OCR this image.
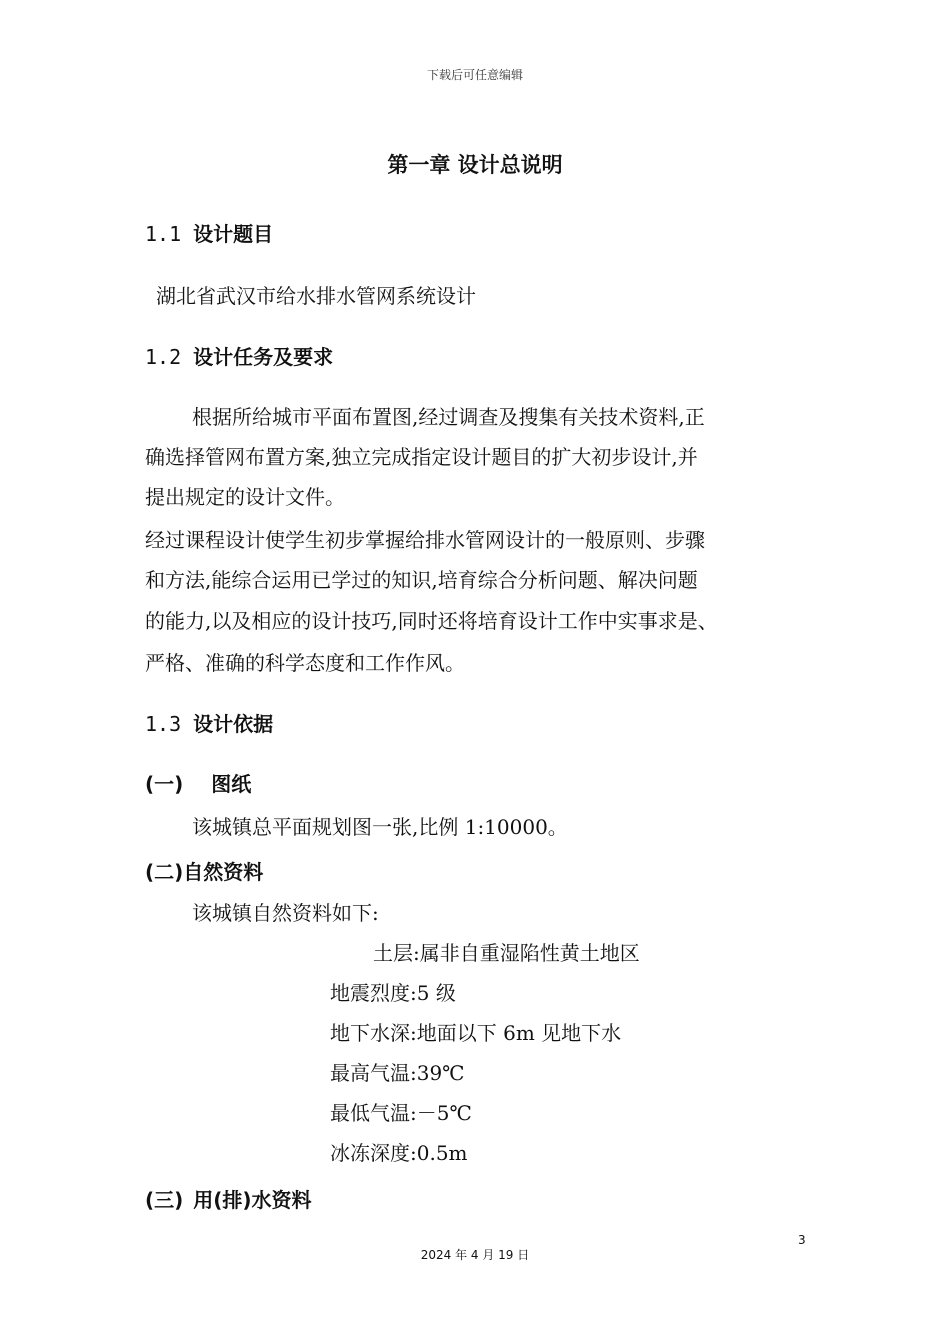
下载后可任意编辑
第一章 设计总说明
1.1 设计题目
湖北省武汉市给水排水管网系统设计
1.2 设计任务及要求
根据所给城市平面布置图,经过调查及搜集有关技术资料,正
确选择管网布置方案,独立完成指定设计题目的扩大初步设计,并
提出规定的设计文件。
经过课程设计使学生初步掌握给排水管网设计的一般原则、步骤
和方法,能综合运用已学过的知识,培育综合分析问题、解决问题
的能力,以及相应的设计技巧,同时还将培育设计工作中实事求是、
严格、准确的科学态度和工作作风。
1.3 设计依据
(一) 图纸
该城镇总平面规划图一张,比例 1:10000。
(二)自然资料
该城镇自然资料如下:
土层:属非自重湿陷性黄土地区
地震烈度:5 级
地下水深:地面以下 6m 见地下水
最高气温:39℃
最低气温:－5℃
冰冻深度:0.5m
(三) 用(排)水资料
3
2024 年 4 月 19 日
